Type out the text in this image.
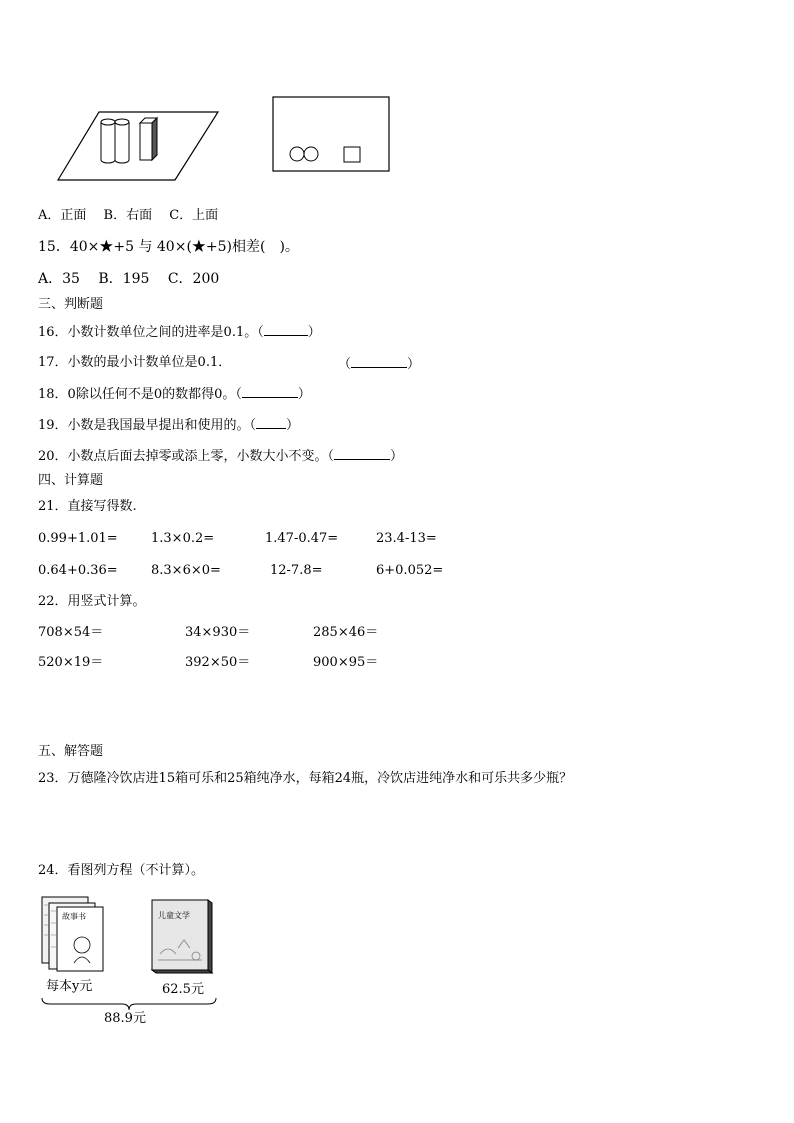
A．正面　 B．右面　 C．上面
15．40×★+5 与 40×(★+5)相差(　)。
A．35　 B．195　 C．200
三、判断题
16．小数计数单位之间的进率是0.1。（	）
17．小数的最小计数单位是0.1．	（	）
18．0除以任何不是0的数都得0。（	）
19．小数是我国最早提出和使用的。（ ）
20．小数点后面去掉零或添上零，小数大小不变。（	）
四、计算题
21．直接写得数.
0.99+1.01=	1.3×0.2=	1.47-0.47=	23.4-13=
0.64+0.36=	8.3×6×0=	12-7.8=	6+0.052=
22．用竖式计算。
708×54＝	34×930＝	285×46＝
520×19＝	392×50＝	900×95＝
五、解答题
23．万德隆冷饮店进15箱可乐和25箱纯净水，每箱24瓶，冷饮店进纯净水和可乐共多少瓶？
24．看图列方程（不计算）。
故事书	儿童文学
每本y元	62.5元
88.9元
